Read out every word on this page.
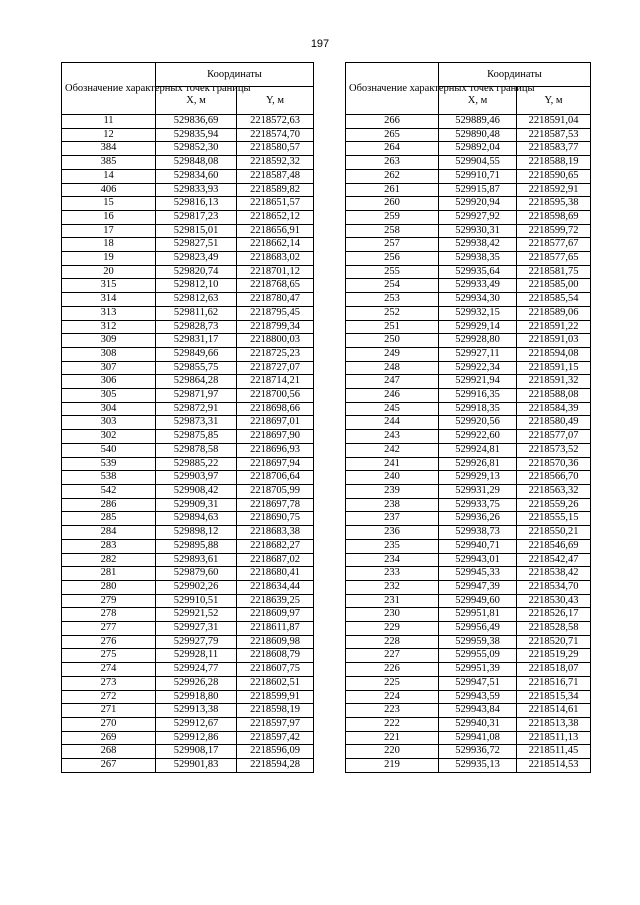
197
Обозначение характерных точек границы	Координаты	
	X, м	Y, м
11	529836,69	2218572,63
12	529835,94	2218574,70
384	529852,30	2218580,57
385	529848,08	2218592,32
14	529834,60	2218587,48
406	529833,93	2218589,82
15	529816,13	2218651,57
16	529817,23	2218652,12
17	529815,01	2218656,91
18	529827,51	2218662,14
19	529823,49	2218683,02
20	529820,74	2218701,12
315	529812,10	2218768,65
314	529812,63	2218780,47
313	529811,62	2218795,45
312	529828,73	2218799,34
309	529831,17	2218800,03
308	529849,66	2218725,23
307	529855,75	2218727,07
306	529864,28	2218714,21
305	529871,97	2218700,56
304	529872,91	2218698,66
303	529873,31	2218697,01
302	529875,85	2218697,90
540	529878,58	2218696,93
539	529885,22	2218697,94
538	529903,97	2218706,64
542	529908,42	2218705,99
286	529909,31	2218697,78
285	529894,63	2218690,75
284	529898,12	2218683,38
283	529895,88	2218682,27
282	529893,61	2218687,02
281	529879,60	2218680,41
280	529902,26	2218634,44
279	529910,51	2218639,25
278	529921,52	2218609,97
277	529927,31	2218611,87
276	529927,79	2218609,98
275	529928,11	2218608,79
274	529924,77	2218607,75
273	529926,28	2218602,51
272	529918,80	2218599,91
271	529913,38	2218598,19
270	529912,67	2218597,97
269	529912,86	2218597,42
268	529908,17	2218596,09
267	529901,83	2218594,28
Обозначение характерных точек границы	Координаты	
	X, м	Y, м
266	529889,46	2218591,04
265	529890,48	2218587,53
264	529892,04	2218583,77
263	529904,55	2218588,19
262	529910,71	2218590,65
261	529915,87	2218592,91
260	529920,94	2218595,38
259	529927,92	2218598,69
258	529930,31	2218599,72
257	529938,42	2218577,67
256	529938,35	2218577,65
255	529935,64	2218581,75
254	529933,49	2218585,00
253	529934,30	2218585,54
252	529932,15	2218589,06
251	529929,14	2218591,22
250	529928,80	2218591,03
249	529927,11	2218594,08
248	529922,34	2218591,15
247	529921,94	2218591,32
246	529916,35	2218588,08
245	529918,35	2218584,39
244	529920,56	2218580,49
243	529922,60	2218577,07
242	529924,81	2218573,52
241	529926,81	2218570,36
240	529929,13	2218566,70
239	529931,29	2218563,32
238	529933,75	2218559,26
237	529936,26	2218555,15
236	529938,73	2218550,21
235	529940,71	2218546,69
234	529943,01	2218542,47
233	529945,33	2218538,42
232	529947,39	2218534,70
231	529949,60	2218530,43
230	529951,81	2218526,17
229	529956,49	2218528,58
228	529959,38	2218520,71
227	529955,09	2218519,29
226	529951,39	2218518,07
225	529947,51	2218516,71
224	529943,59	2218515,34
223	529943,84	2218514,61
222	529940,31	2218513,38
221	529941,08	2218511,13
220	529936,72	2218511,45
219	529935,13	2218514,53
